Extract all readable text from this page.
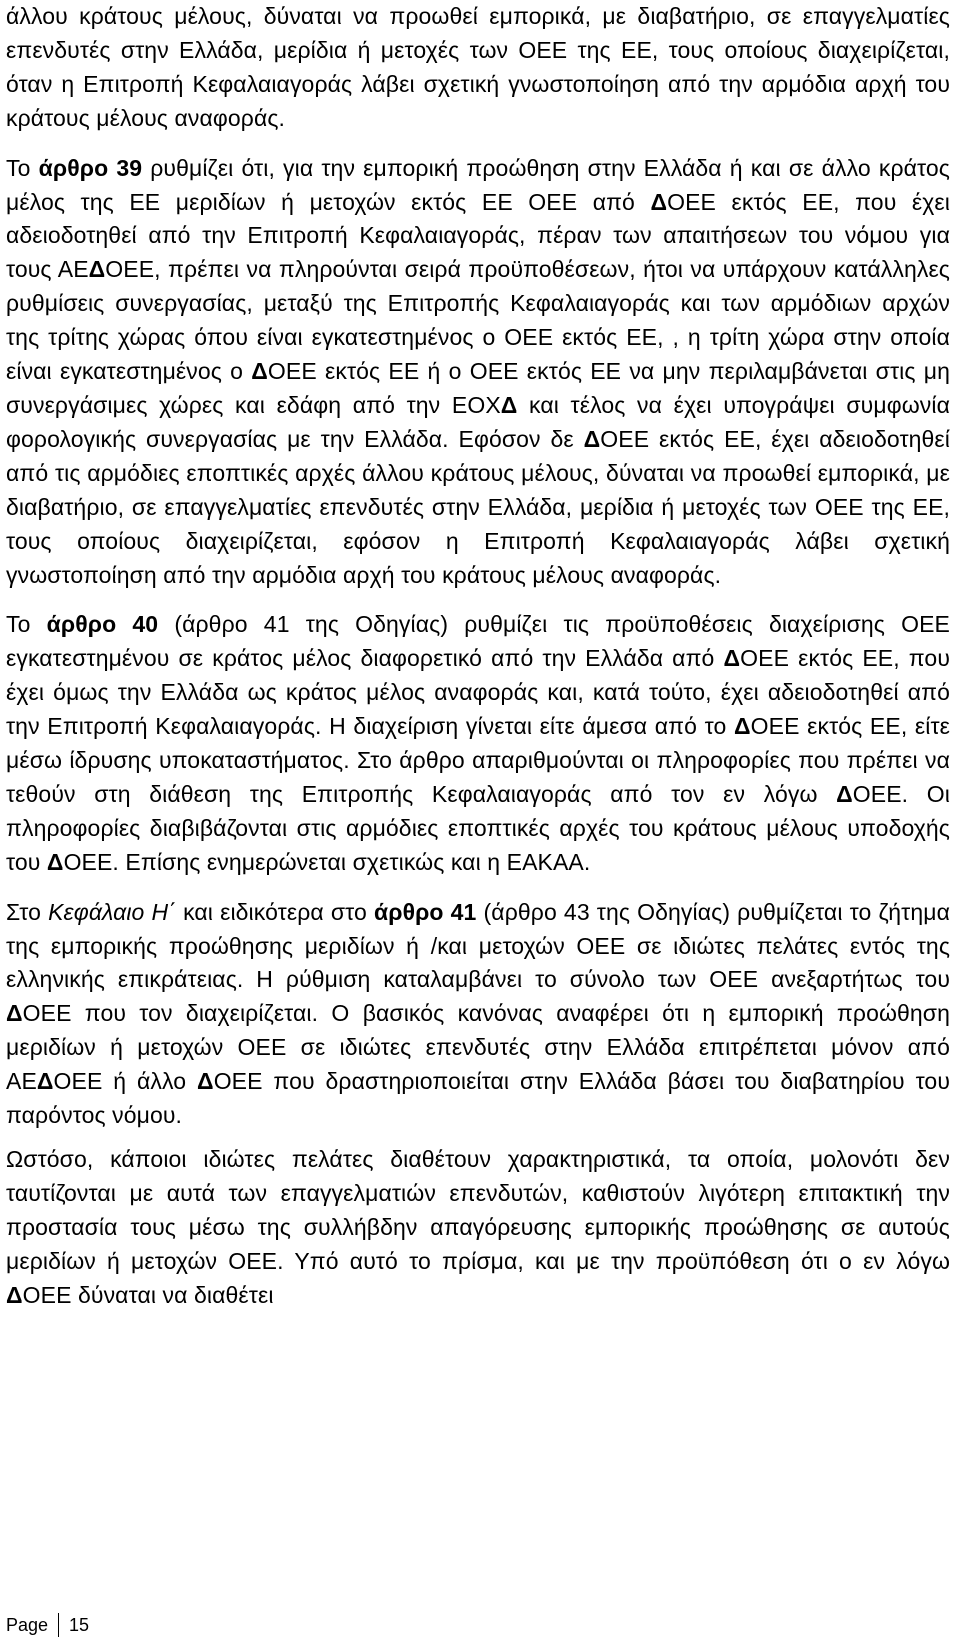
άλλου κράτους μέλους, δύναται να προωθεί εμπορικά, με διαβατήριο, σε επαγγελματίες επενδυτές στην Ελλάδα, μερίδια ή μετοχές των ΟΕΕ της ΕΕ, τους οποίους διαχειρίζεται, όταν η Επιτροπή Κεφαλαιαγοράς λάβει σχετική γνωστοποίηση από την αρμόδια αρχή του κράτους μέλους αναφοράς.

Το άρθρο 39 ρυθμίζει ότι, για την εμπορική προώθηση στην Ελλάδα ή και σε άλλο κράτος μέλος της ΕΕ μεριδίων ή μετοχών εκτός ΕΕ ΟΕΕ από ΔΟΕΕ εκτός ΕΕ, που έχει αδειοδοτηθεί από την Επιτροπή Κεφαλαιαγοράς, πέραν των απαιτήσεων του νόμου για τους ΑΕΔΟΕΕ, πρέπει να πληρούνται σειρά προϋποθέσεων, ήτοι να υπάρχουν κατάλληλες ρυθμίσεις συνεργασίας, μεταξύ της Επιτροπής Κεφαλαιαγοράς και των αρμόδιων αρχών της τρίτης χώρας όπου είναι εγκατεστημένος ο ΟΕΕ εκτός ΕΕ, , η τρίτη χώρα στην οποία είναι εγκατεστημένος ο ΔΟΕΕ εκτός ΕΕ ή ο ΟΕΕ εκτός ΕΕ να μην περιλαμβάνεται στις μη συνεργάσιμες χώρες και εδάφη από την ΕΟΧΔ και τέλος να έχει υπογράψει συμφωνία φορολογικής συνεργασίας με την Ελλάδα. Εφόσον δε ΔΟΕΕ εκτός ΕΕ, έχει αδειοδοτηθεί από τις αρμόδιες εποπτικές αρχές άλλου κράτους μέλους, δύναται να προωθεί εμπορικά, με διαβατήριο, σε επαγγελματίες επενδυτές στην Ελλάδα, μερίδια ή μετοχές των ΟΕΕ της ΕΕ, τους οποίους διαχειρίζεται, εφόσον η Επιτροπή Κεφαλαιαγοράς λάβει σχετική γνωστοποίηση από την αρμόδια αρχή του κράτους μέλους αναφοράς.

Το άρθρο 40 (άρθρο 41 της Οδηγίας) ρυθμίζει τις προϋποθέσεις διαχείρισης ΟΕΕ εγκατεστημένου σε κράτος μέλος διαφορετικό από την Ελλάδα από ΔΟΕΕ εκτός ΕΕ, που έχει όμως την Ελλάδα ως κράτος μέλος αναφοράς και, κατά τούτο, έχει αδειοδοτηθεί από την Επιτροπή Κεφαλαιαγοράς. Η διαχείριση γίνεται είτε άμεσα από το ΔΟΕΕ εκτός ΕΕ, είτε μέσω ίδρυσης υποκαταστήματος. Στο άρθρο απαριθμούνται οι πληροφορίες που πρέπει να τεθούν στη διάθεση της Επιτροπής Κεφαλαιαγοράς από τον εν λόγω ΔΟΕΕ. Οι πληροφορίες διαβιβάζονται στις αρμόδιες εποπτικές αρχές του κράτους μέλους υποδοχής του ΔΟΕΕ. Επίσης ενημερώνεται σχετικώς και η ΕΑΚΑΑ.

Στο Κεφάλαιο Η΄ και ειδικότερα στο άρθρο 41 (άρθρο 43 της Οδηγίας) ρυθμίζεται το ζήτημα της εμπορικής προώθησης μεριδίων ή /και μετοχών ΟΕΕ σε ιδιώτες πελάτες εντός της ελληνικής επικράτειας. Η ρύθμιση καταλαμβάνει το σύνολο των ΟΕΕ ανεξαρτήτως του ΔΟΕΕ που τον διαχειρίζεται. Ο βασικός κανόνας αναφέρει ότι η εμπορική προώθηση μεριδίων ή μετοχών ΟΕΕ σε ιδιώτες επενδυτές στην Ελλάδα επιτρέπεται μόνον από ΑΕΔΟΕΕ ή άλλο ΔΟΕΕ που δραστηριοποιείται στην Ελλάδα βάσει του διαβατηρίου του παρόντος νόμου.

Ωστόσο, κάποιοι ιδιώτες πελάτες διαθέτουν χαρακτηριστικά, τα οποία, μολονότι δεν ταυτίζονται με αυτά των επαγγελματιών επενδυτών, καθιστούν λιγότερη επιτακτική την προστασία τους μέσω της συλλήβδην απαγόρευσης εμπορικής προώθησης σε αυτούς μεριδίων ή μετοχών ΟΕΕ. Υπό αυτό το πρίσμα, και με την προϋπόθεση ότι ο εν λόγω ΔΟΕΕ δύναται να διαθέτει

Page 15
